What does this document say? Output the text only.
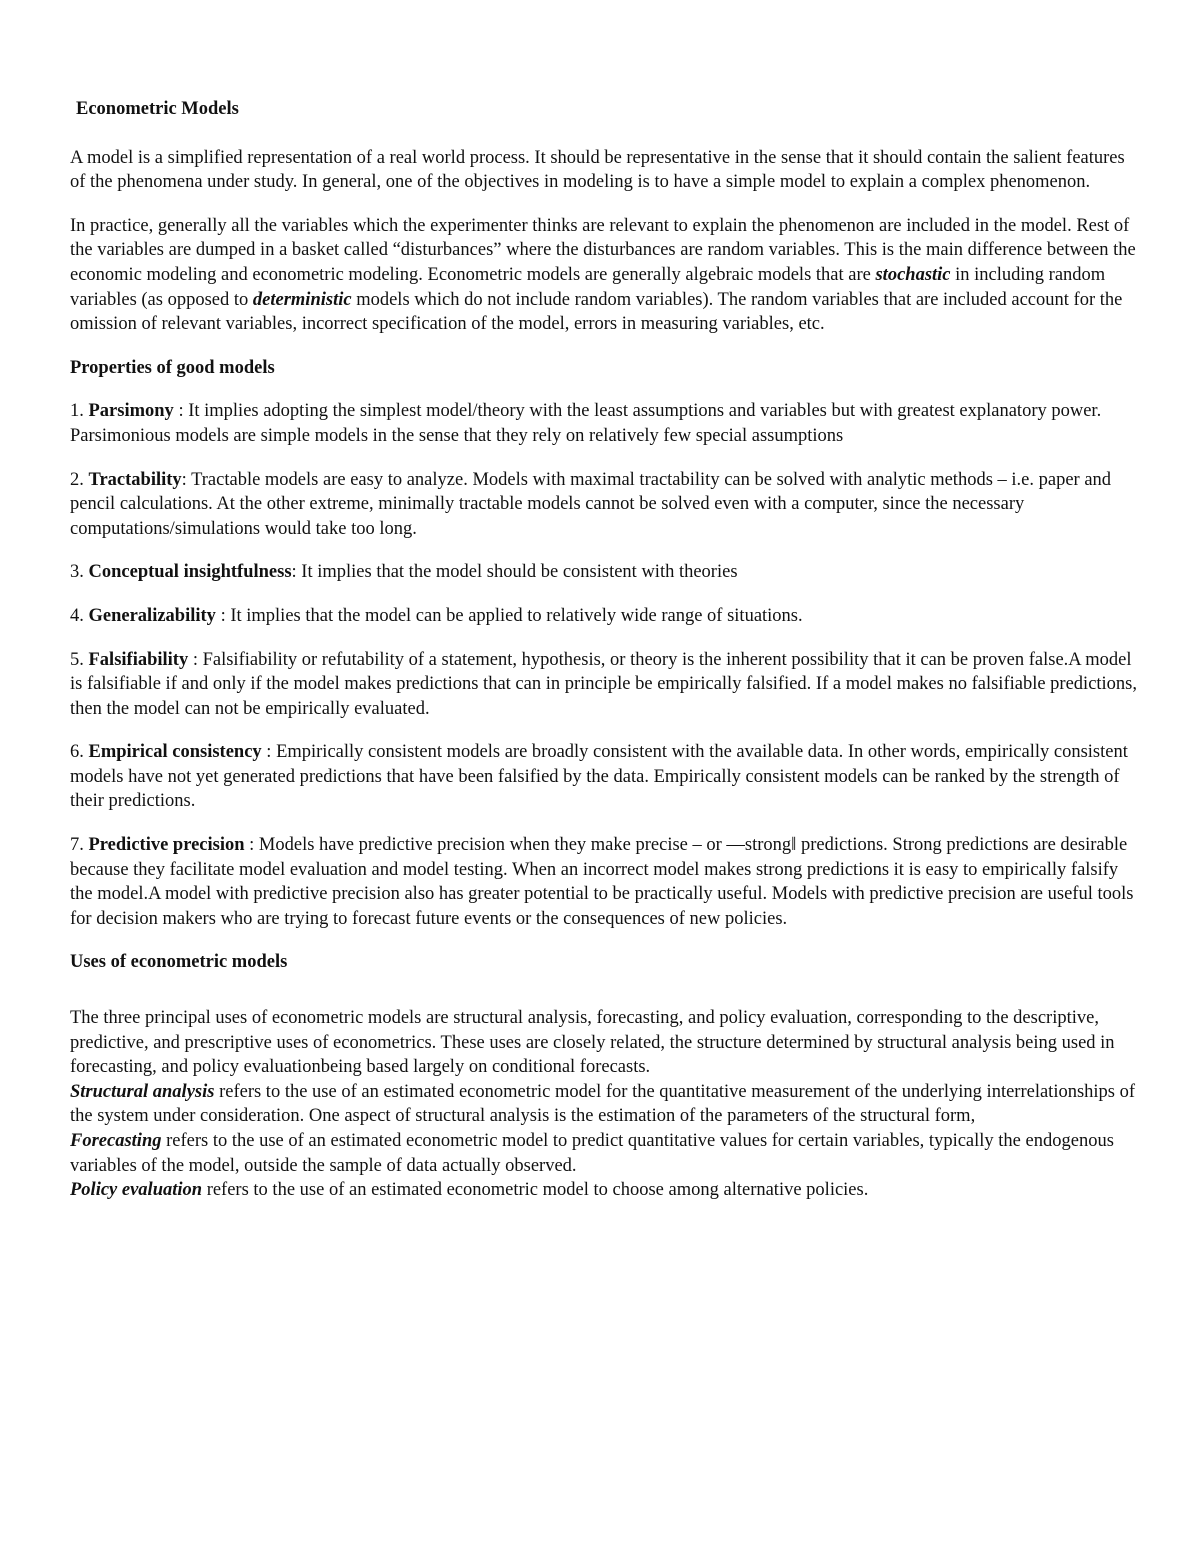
Econometric Models

A model is a simplified representation of a real world process. It should be representative in the sense that it should contain the salient features of the phenomena under study. In general, one of the objectives in modeling is to have a simple model to explain a complex phenomenon.

In practice, generally all the variables which the experimenter thinks are relevant to explain the phenomenon are included in the model. Rest of the variables are dumped in a basket called “disturbances” where the disturbances are random variables. This is the main difference between the economic modeling and econometric modeling. Econometric models are generally algebraic models that are stochastic in including random variables (as opposed to deterministic models which do not include random variables). The random variables that are included account for the omission of relevant variables, incorrect specification of the model, errors in measuring variables, etc.

Properties of good models

1. Parsimony : It implies adopting the simplest model/theory with the least assumptions and variables but with greatest explanatory power. Parsimonious models are simple models in the sense that they rely on relatively few special assumptions

2. Tractability: Tractable models are easy to analyze. Models with maximal tractability can be solved with analytic methods – i.e. paper and pencil calculations. At the other extreme, minimally tractable models cannot be solved even with a computer, since the necessary computations/simulations would take too long.

3. Conceptual insightfulness: It implies that the model should be consistent with theories

4. Generalizability : It implies that the model can be applied to relatively wide range of situations.

5. Falsifiability : Falsifiability or refutability of a statement, hypothesis, or theory is the inherent possibility that it can be proven false.A model is falsifiable if and only if the model makes predictions that can in principle be empirically falsified. If a model makes no falsifiable predictions, then the model can not be empirically evaluated.

6. Empirical consistency : Empirically consistent models are broadly consistent with the available data. In other words, empirically consistent models have not yet generated predictions that have been falsified by the data. Empirically consistent models can be ranked by the strength of their predictions.

7. Predictive precision : Models have predictive precision when they make precise – or ―strong‖ predictions. Strong predictions are desirable because they facilitate model evaluation and model testing. When an incorrect model makes strong predictions it is easy to empirically falsify the model.A model with predictive precision also has greater potential to be practically useful. Models with predictive precision are useful tools for decision makers who are trying to forecast future events or the consequences of new policies.

Uses of econometric models

The three principal uses of econometric models are structural analysis, forecasting, and policy evaluation, corresponding to the descriptive, predictive, and prescriptive uses of econometrics. These uses are closely related, the structure determined by structural analysis being used in forecasting, and policy evaluationbeing based largely on conditional forecasts.

Structural analysis refers to the use of an estimated econometric model for the quantitative measurement of the underlying interrelationships of the system under consideration. One aspect of structural analysis is the estimation of the parameters of the structural form,

Forecasting refers to the use of an estimated econometric model to predict quantitative values for certain variables, typically the endogenous variables of the model, outside the sample of data actually observed.

Policy evaluation refers to the use of an estimated econometric model to choose among alternative policies.
